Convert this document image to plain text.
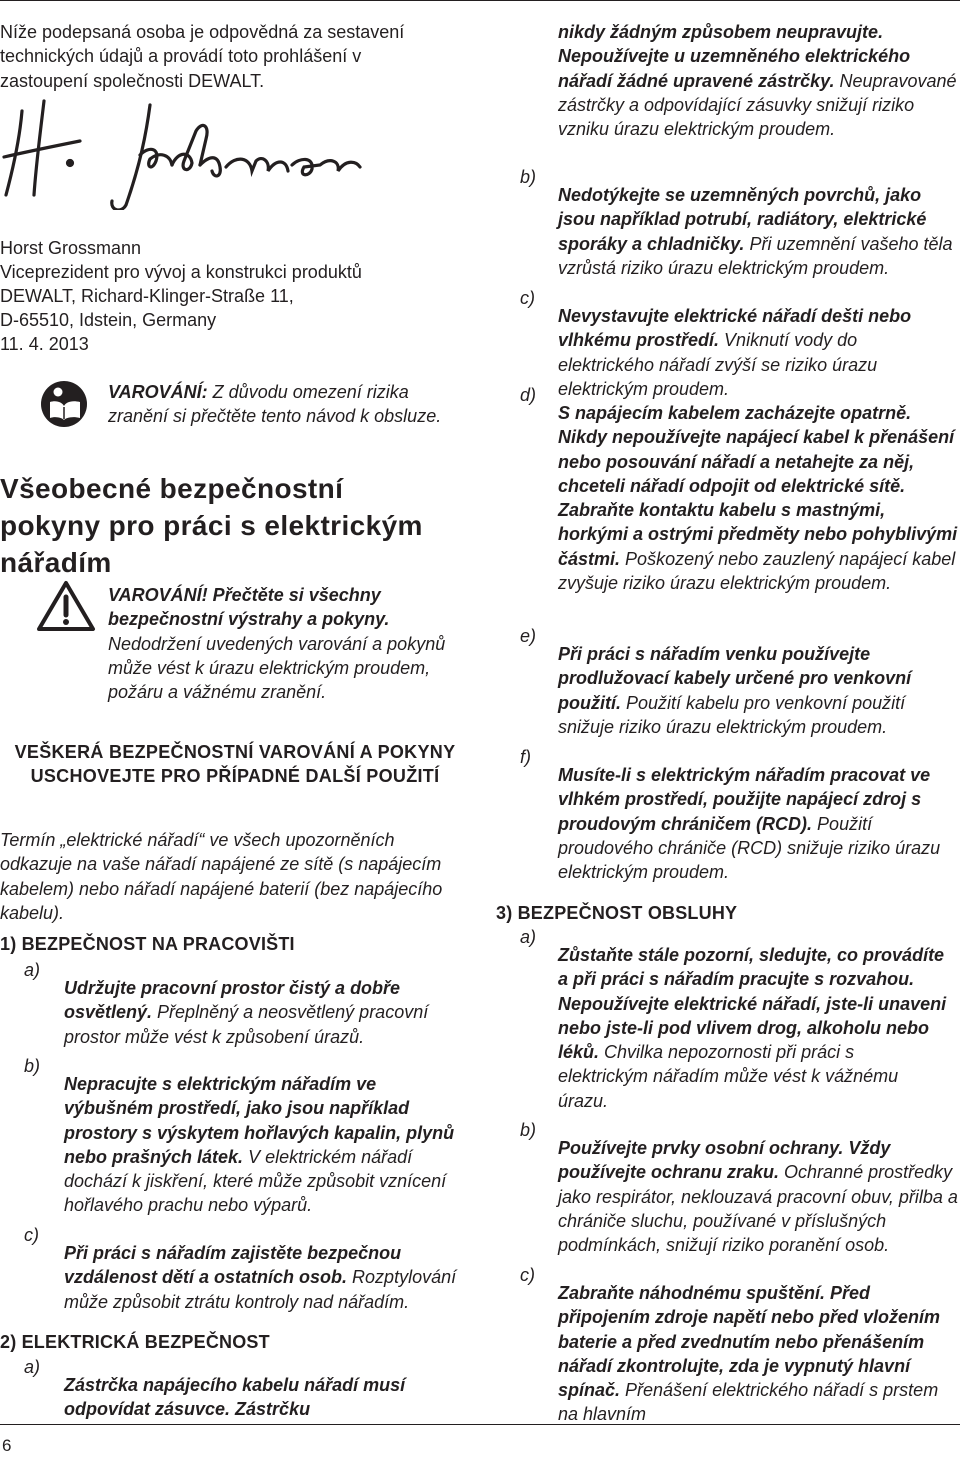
Níže podepsaná osoba je odpovědná za sestavení technických údajů a provádí toto prohlášení v zastoupení společnosti DEWALT.

Horst Grossmann

Viceprezident pro vývoj a konstrukci produktů

DEWALT, Richard-Klinger-Straße 11,

D-65510, Idstein, Germany

11. 4. 2013

VAROVÁNÍ: Z důvodu omezení rizika zranění si přečtěte tento návod k obsluze.

Všeobecné bezpečnostní pokyny pro práci s elektrickým nářadím

VAROVÁNÍ! Přečtěte si všechny bezpečnostní výstrahy a pokyny. Nedodržení uvedených varování a pokynů může vést k úrazu elektrickým proudem, požáru a vážnému zranění.

VEŠKERÁ BEZPEČNOSTNÍ VAROVÁNÍ A POKYNY USCHOVEJTE PRO PŘÍPADNÉ DALŠÍ POUŽITÍ

Termín „elektrické nářadí“ ve všech upozorněních odkazuje na vaše nářadí napájené ze sítě (s napájecím kabelem) nebo nářadí napájené baterií (bez napájecího kabelu).

1) BEZPEČNOST NA PRACOVIŠTI

a)

Udržujte pracovní prostor čistý a dobře osvětlený. Přeplněný a neosvětlený pracovní prostor může vést k způsobení úrazů.

b)

Nepracujte s elektrickým nářadím ve výbušném prostředí, jako jsou například prostory s výskytem hořlavých kapalin, plynů nebo prašných látek. V elektrickém nářadí dochází k jiskření, které může způsobit vznícení hořlavého prachu nebo výparů.

c)

Při práci s nářadím zajistěte bezpečnou vzdálenost dětí a ostatních osob. Rozptylování může způsobit ztrátu kontroly nad nářadím.

2) ELEKTRICKÁ BEZPEČNOST

a)

Zástrčka napájecího kabelu nářadí musí odpovídat zásuvce. Zástrčku

nikdy žádným způsobem neupravujte. Nepoužívejte u uzemněného elektrického nářadí žádné upravené zástrčky. Neupravované zástrčky a odpovídající zásuvky snižují riziko vzniku úrazu elektrickým proudem.

b)

Nedotýkejte se uzemněných povrchů, jako jsou například potrubí, radiátory, elektrické sporáky a chladničky. Při uzemnění vašeho těla vzrůstá riziko úrazu elektrickým proudem.

c)

Nevystavujte elektrické nářadí dešti nebo vlhkému prostředí. Vniknutí vody do elektrického nářadí zvýší se riziko úrazu elektrickým proudem.

d)

S napájecím kabelem zacházejte opatrně. Nikdy nepoužívejte napájecí kabel k přenášení nebo posouvání nářadí a netahejte za něj, chceteli nářadí odpojit od elektrické sítě. Zabraňte kontaktu kabelu s mastnými, horkými a ostrými předměty nebo pohyblivými částmi. Poškozený nebo zauzlený napájecí kabel zvyšuje riziko úrazu elektrickým proudem.

e)

Při práci s nářadím venku používejte prodlužovací kabely určené pro venkovní použití. Použití kabelu pro venkovní použití snižuje riziko úrazu elektrickým proudem.

f)

Musíte-li s elektrickým nářadím pracovat ve vlhkém prostředí, použijte napájecí zdroj s proudovým chráničem (RCD). Použití proudového chrániče (RCD) snižuje riziko úrazu elektrickým proudem.

3) BEZPEČNOST OBSLUHY

a)

Zůstaňte stále pozorní, sledujte, co provádíte a při práci s nářadím pracujte s rozvahou. Nepoužívejte elektrické nářadí, jste-li unaveni nebo jste-li pod vlivem drog, alkoholu nebo léků. Chvilka nepozornosti při práci s elektrickým nářadím může vést k vážnému úrazu.

b)

Používejte prvky osobní ochrany. Vždy používejte ochranu zraku. Ochranné prostředky jako respirátor, neklouzavá pracovní obuv, přilba a chrániče sluchu, používané v příslušných podmínkách, snižují riziko poranění osob.

c)

Zabraňte náhodnému spuštění. Před připojením zdroje napětí nebo před vložením baterie a před zvednutím nebo přenášením nářadí zkontrolujte, zda je vypnutý hlavní spínač. Přenášení elektrického nářadí s prstem na hlavním

6
